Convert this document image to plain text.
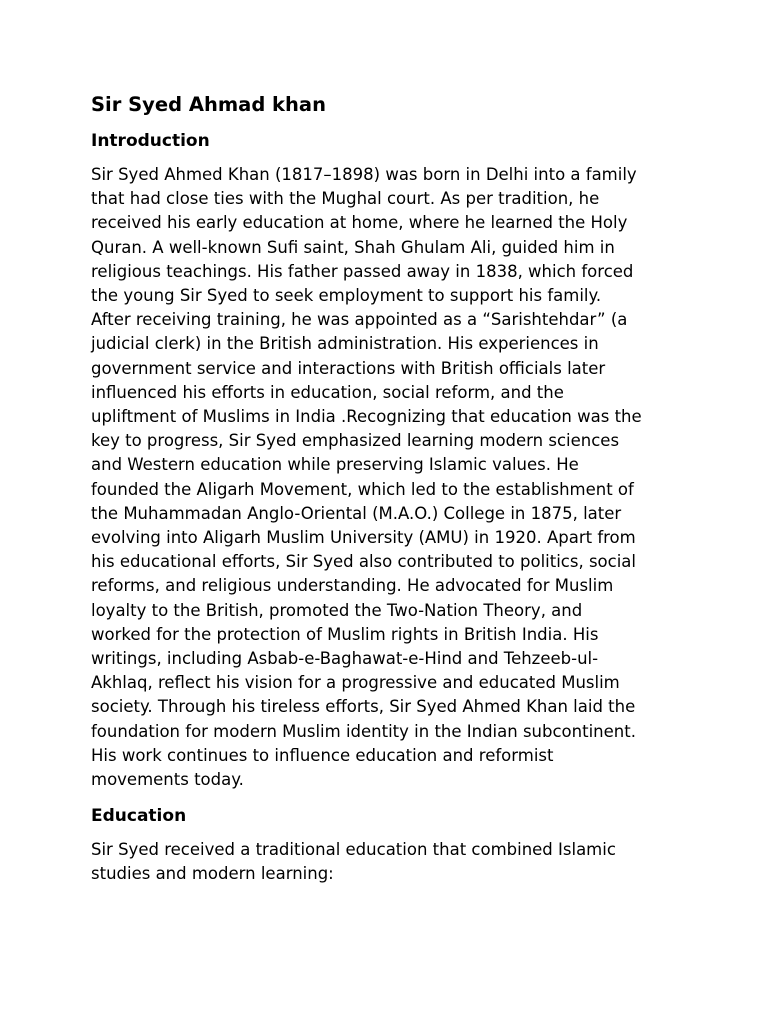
Sir Syed Ahmad khan
Introduction

Sir Syed Ahmed Khan (1817–1898) was born in Delhi into a family
that had close ties with the Mughal court. As per tradition, he
received his early education at home, where he learned the Holy
Quran. A well-known Sufi saint, Shah Ghulam Ali, guided him in
religious teachings. His father passed away in 1838, which forced
the young Sir Syed to seek employment to support his family.
After receiving training, he was appointed as a “Sarishtehdar” (a
judicial clerk) in the British administration. His experiences in
government service and interactions with British officials later
influenced his efforts in education, social reform, and the
upliftment of Muslims in India .Recognizing that education was the
key to progress, Sir Syed emphasized learning modern sciences
and Western education while preserving Islamic values. He
founded the Aligarh Movement, which led to the establishment of
the Muhammadan Anglo-Oriental (M.A.O.) College in 1875, later
evolving into Aligarh Muslim University (AMU) in 1920. Apart from
his educational efforts, Sir Syed also contributed to politics, social
reforms, and religious understanding. He advocated for Muslim
loyalty to the British, promoted the Two-Nation Theory, and
worked for the protection of Muslim rights in British India. His
writings, including Asbab-e-Baghawat-e-Hind and Tehzeeb-ul-
Akhlaq, reflect his vision for a progressive and educated Muslim
society. Through his tireless efforts, Sir Syed Ahmed Khan laid the
foundation for modern Muslim identity in the Indian subcontinent.
His work continues to influence education and reformist
movements today.

Education

Sir Syed received a traditional education that combined Islamic
studies and modern learning:
